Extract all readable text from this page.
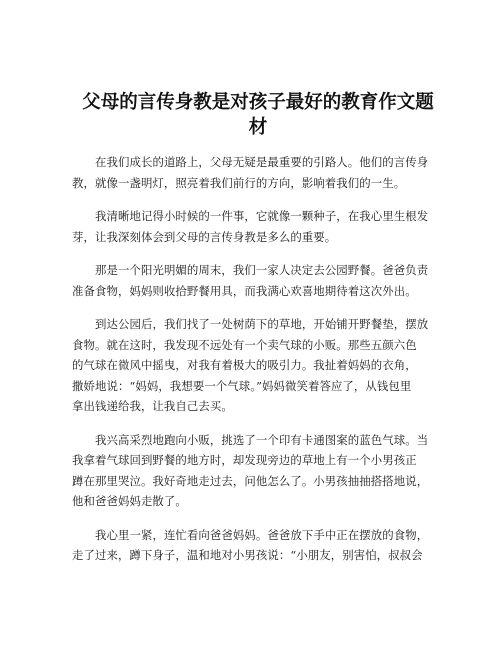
父母的言传身教是对孩子最好的教育作文题
材

在我们成长的道路上，父母无疑是最重要的引路人。他们的言传身
教，就像一盏明灯，照亮着我们前行的方向，影响着我们的一生。

我清晰地记得小时候的一件事，它就像一颗种子，在我心里生根发
芽，让我深刻体会到父母的言传身教是多么的重要。

那是一个阳光明媚的周末，我们一家人决定去公园野餐。爸爸负责
准备食物，妈妈则收拾野餐用具，而我满心欢喜地期待着这次外出。

到达公园后，我们找了一处树荫下的草地，开始铺开野餐垫，摆放
食物。就在这时，我发现不远处有一个卖气球的小贩。那些五颜六色
的气球在微风中摇曳，对我有着极大的吸引力。我扯着妈妈的衣角，
撒娇地说：“妈妈，我想要一个气球。”妈妈微笑着答应了，从钱包里
拿出钱递给我，让我自己去买。

我兴高采烈地跑向小贩，挑选了一个印有卡通图案的蓝色气球。当
我拿着气球回到野餐的地方时，却发现旁边的草地上有一个小男孩正
蹲在那里哭泣。我好奇地走过去，问他怎么了。小男孩抽抽搭搭地说，
他和爸爸妈妈走散了。

我心里一紧，连忙看向爸爸妈妈。爸爸放下手中正在摆放的食物，
走了过来，蹲下身子，温和地对小男孩说：“小朋友，别害怕，叔叔会
